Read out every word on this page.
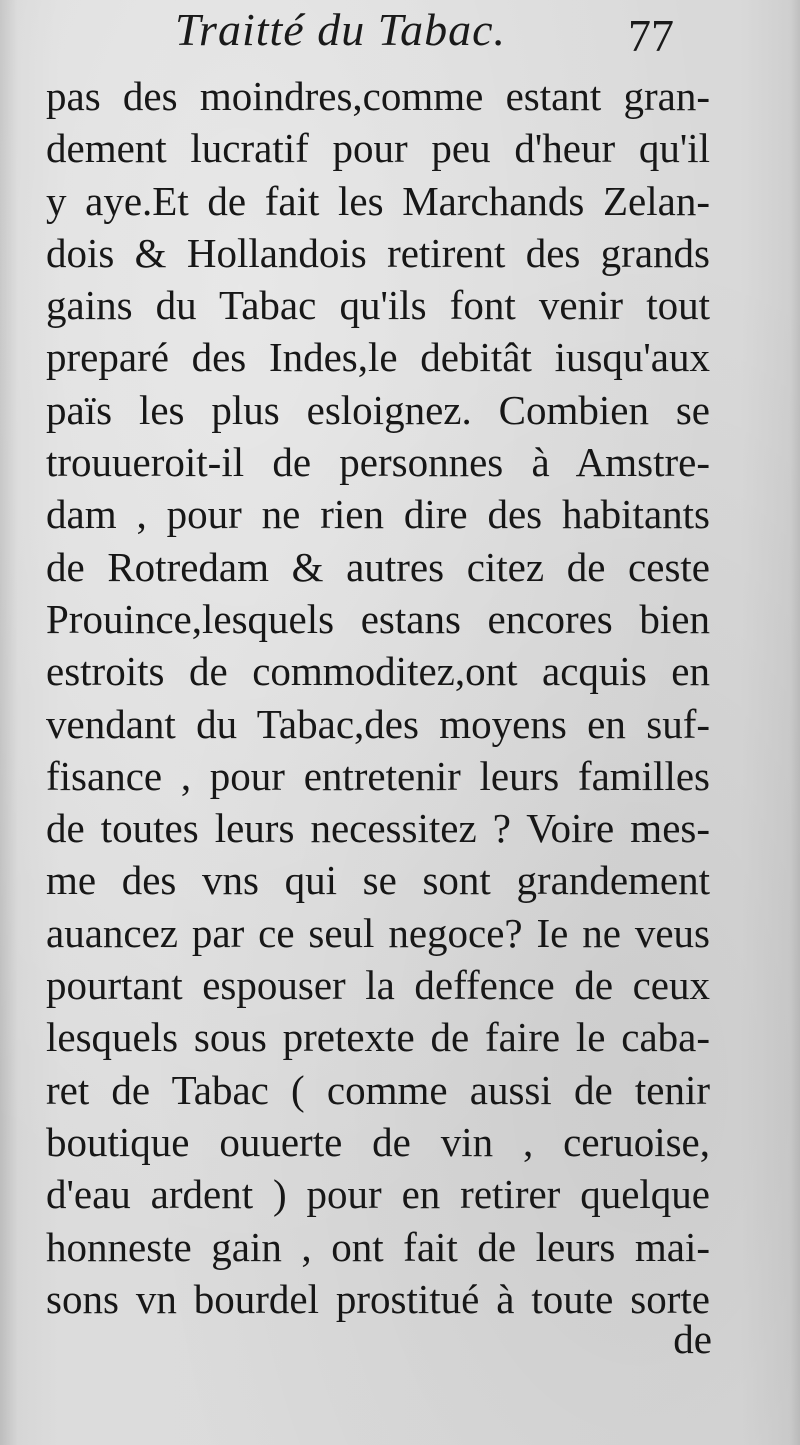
Traitté du Tabac.	77
pas des moindres,comme estant gran-
dement lucratif pour peu d'heur qu'il
y aye.Et de fait les Marchands Zelan-
dois & Hollandois retirent des grands
gains du Tabac qu'ils font venir tout
preparé des Indes,le debitât iusqu'aux
païs les plus esloignez. Combien se
trouueroit-il de personnes à Amstre-
dam , pour ne rien dire des habitants
de Rotredam & autres citez de ceste
Prouince,lesquels estans encores bien
estroits de commoditez,ont acquis en
vendant du Tabac,des moyens en suf-
fisance , pour entretenir leurs familles
de toutes leurs necessitez ? Voire mes-
me des vns qui se sont grandement
auancez par ce seul negoce? Ie ne veus
pourtant espouser la deffence de ceux
lesquels sous pretexte de faire le caba-
ret de Tabac ( comme aussi de tenir
boutique ouuerte de vin , ceruoise,
d'eau ardent ) pour en retirer quelque
honneste gain , ont fait de leurs mai-
sons vn bourdel prostitué à toute sorte
de
